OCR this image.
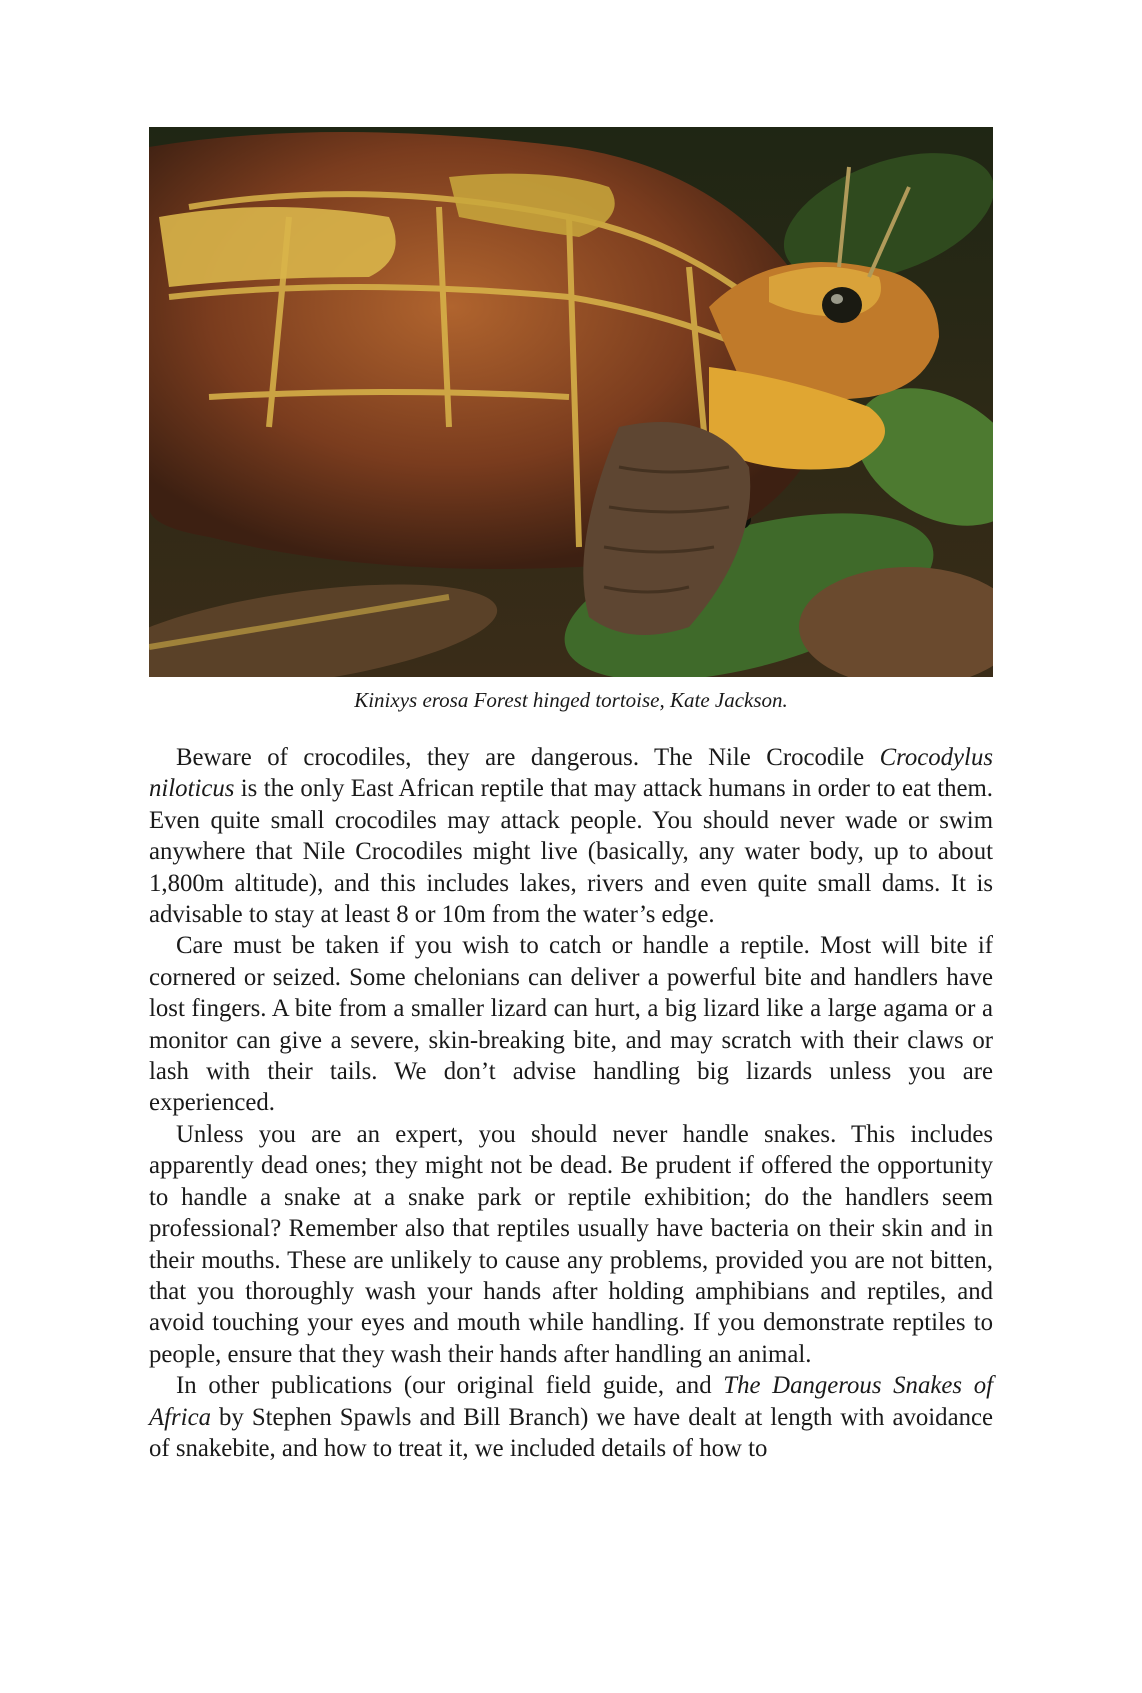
Kinixys erosa Forest hinged tortoise, Kate Jackson.

Beware of crocodiles, they are dangerous. The Nile Crocodile Crocodylus niloticus is the only East African reptile that may attack humans in order to eat them. Even quite small crocodiles may attack people. You should never wade or swim anywhere that Nile Crocodiles might live (basically, any water body, up to about 1,800m altitude), and this includes lakes, rivers and even quite small dams. It is advisable to stay at least 8 or 10m from the water’s edge.

Care must be taken if you wish to catch or handle a reptile. Most will bite if cornered or seized. Some chelonians can deliver a powerful bite and handlers have lost fingers. A bite from a smaller lizard can hurt, a big lizard like a large agama or a monitor can give a severe, skin-breaking bite, and may scratch with their claws or lash with their tails. We don’t advise handling big lizards unless you are experienced.

Unless you are an expert, you should never handle snakes. This includes apparently dead ones; they might not be dead. Be prudent if offered the opportunity to handle a snake at a snake park or reptile exhibition; do the handlers seem professional? Remember also that reptiles usually have bacteria on their skin and in their mouths. These are unlikely to cause any problems, provided you are not bitten, that you thoroughly wash your hands after holding amphibians and reptiles, and avoid touching your eyes and mouth while handling. If you demonstrate reptiles to people, ensure that they wash their hands after handling an animal.

In other publications (our original field guide, and The Dangerous Snakes of Africa by Stephen Spawls and Bill Branch) we have dealt at length with avoidance of snakebite, and how to treat it, we included details of how to
